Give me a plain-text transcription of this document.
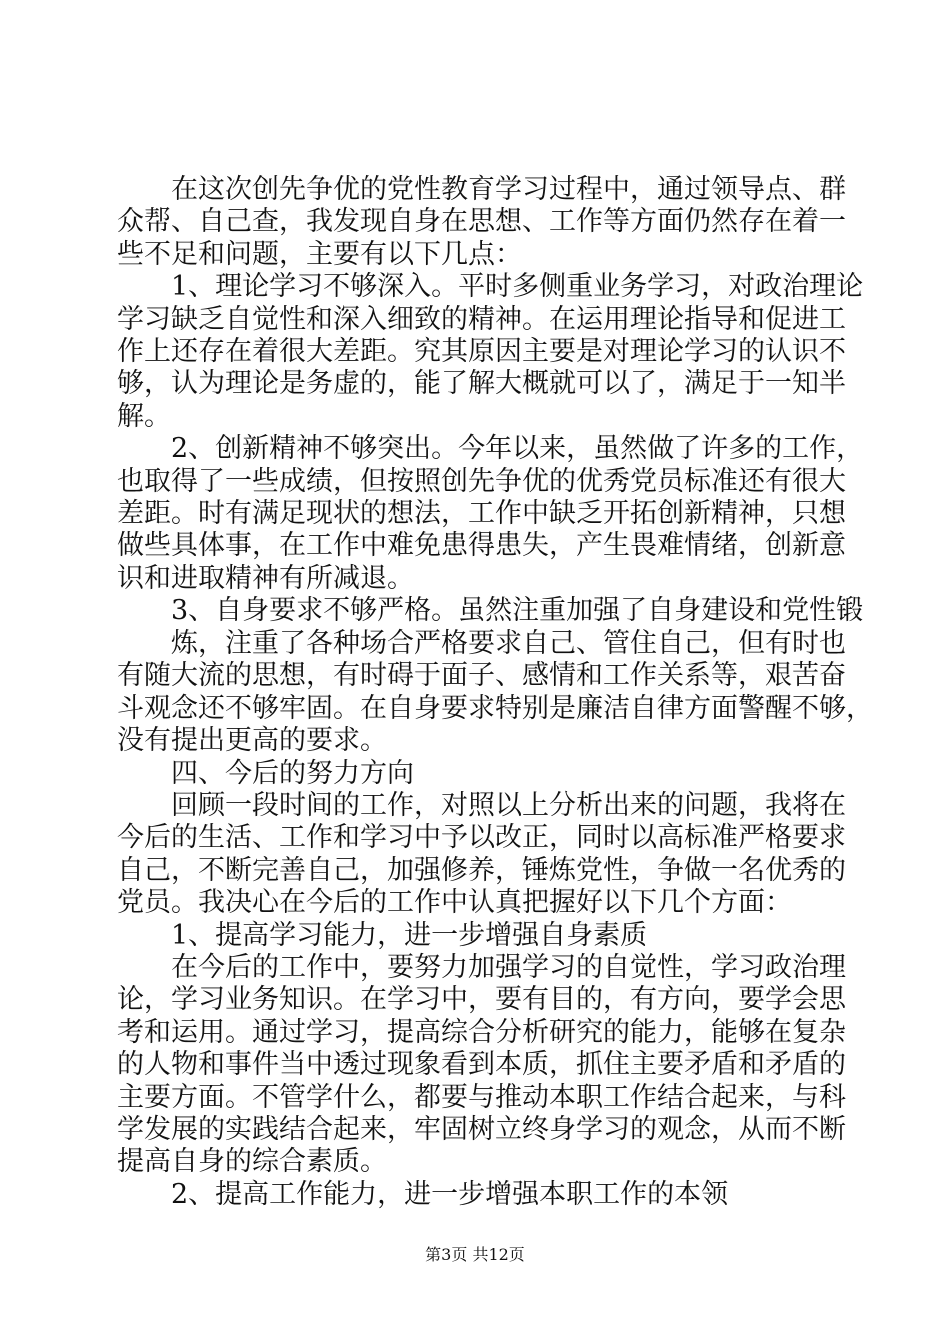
　　在这次创先争优的党性教育学习过程中，通过领导点、群
众帮、自己查，我发现自身在思想、工作等方面仍然存在着一
些不足和问题，主要有以下几点：
　　1、理论学习不够深入。平时多侧重业务学习，对政治理论
学习缺乏自觉性和深入细致的精神。在运用理论指导和促进工
作上还存在着很大差距。究其原因主要是对理论学习的认识不
够，认为理论是务虚的，能了解大概就可以了，满足于一知半
解。
　　2、创新精神不够突出。今年以来，虽然做了许多的工作，
也取得了一些成绩，但按照创先争优的优秀党员标准还有很大
差距。时有满足现状的想法，工作中缺乏开拓创新精神，只想
做些具体事，在工作中难免患得患失，产生畏难情绪，创新意
识和进取精神有所减退。
　　3、自身要求不够严格。虽然注重加强了自身建设和党性锻
　　炼，注重了各种场合严格要求自己、管住自己，但有时也
有随大流的思想，有时碍于面子、感情和工作关系等，艰苦奋
斗观念还不够牢固。在自身要求特别是廉洁自律方面警醒不够，
没有提出更高的要求。
　　四、今后的努力方向
　　回顾一段时间的工作，对照以上分析出来的问题，我将在
今后的生活、工作和学习中予以改正，同时以高标准严格要求
自己，不断完善自己，加强修养，锤炼党性，争做一名优秀的
党员。我决心在今后的工作中认真把握好以下几个方面：
　　1、提高学习能力，进一步增强自身素质
　　在今后的工作中，要努力加强学习的自觉性，学习政治理
论，学习业务知识。在学习中，要有目的，有方向，要学会思
考和运用。通过学习，提高综合分析研究的能力，能够在复杂
的人物和事件当中透过现象看到本质，抓住主要矛盾和矛盾的
主要方面。不管学什么，都要与推动本职工作结合起来，与科
学发展的实践结合起来，牢固树立终身学习的观念，从而不断
提高自身的综合素质。
　　2、提高工作能力，进一步增强本职工作的本领
第3页 共12页
